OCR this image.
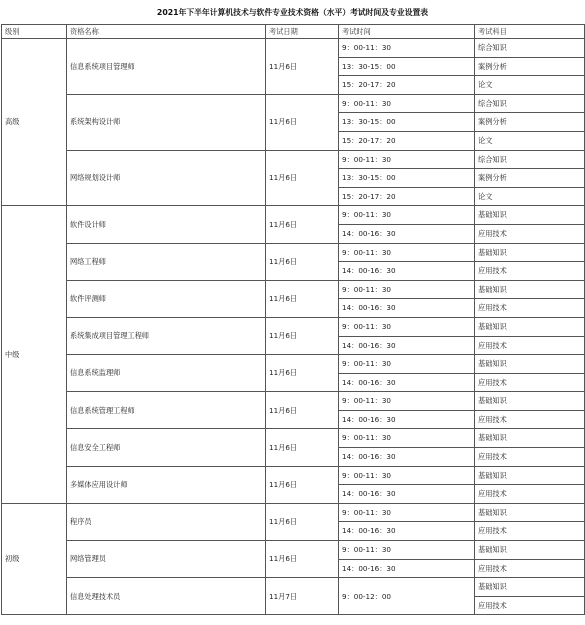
2021年下半年计算机技术与软件专业技术资格（水平）考试时间及专业设置表
级别	资格名称	考试日期	考试时间	考试科目
高级	信息系统项目管理师	11月6日	9：00-11：30	综合知识
			13：30-15：00	案例分析
			15：20-17：20	论文
	系统架构设计师	11月6日	9：00-11：30	综合知识
			13：30-15：00	案例分析
			15：20-17：20	论文
	网络规划设计师	11月6日	9：00-11：30	综合知识
			13：30-15：00	案例分析
			15：20-17：20	论文
中级	软件设计师	11月6日	9：00-11：30	基础知识
			14：00-16：30	应用技术
	网络工程师	11月6日	9：00-11：30	基础知识
			14：00-16：30	应用技术
	软件评测师	11月6日	9：00-11：30	基础知识
			14：00-16：30	应用技术
	系统集成项目管理工程师	11月6日	9：00-11：30	基础知识
			14：00-16：30	应用技术
	信息系统监理师	11月6日	9：00-11：30	基础知识
			14：00-16：30	应用技术
	信息系统管理工程师	11月6日	9：00-11：30	基础知识
			14：00-16：30	应用技术
	信息安全工程师	11月6日	9：00-11：30	基础知识
			14：00-16：30	应用技术
	多媒体应用设计师	11月6日	9：00-11：30	基础知识
			14：00-16：30	应用技术
初级	程序员	11月6日	9：00-11：30	基础知识
			14：00-16：30	应用技术
	网络管理员	11月6日	9：00-11：30	基础知识
			14：00-16：30	应用技术
	信息处理技术员	11月7日	9：00-12：00	基础知识
				应用技术
